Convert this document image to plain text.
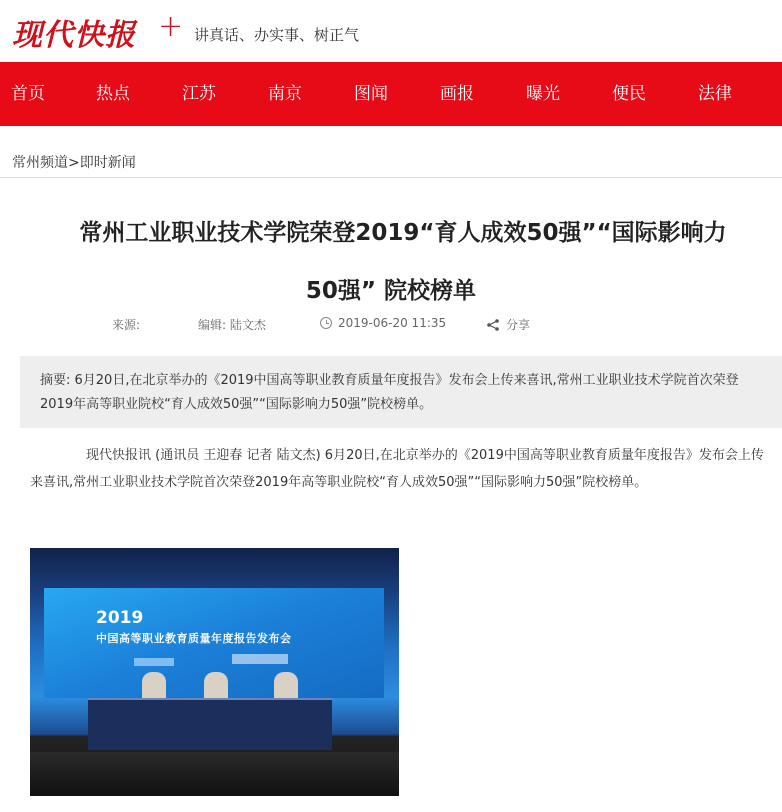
现代快报 + 讲真话、办实事、树正气
首页	热点	江苏	南京	图闻	画报	曝光	便民	法律
常州频道>即时新闻
常州工业职业技术学院荣登2019“育人成效50强”“国际影响力
50强” 院校榜单
来源:	编辑: 陆文杰	2019-06-20 11:35	分享
摘要: 6月20日,在北京举办的《2019中国高等职业教育质量年度报告》发布会上传来喜讯,常州工业职业技术学院首次荣登2019年高等职业院校“育人成效50强”“国际影响力50强”院校榜单。
现代快报讯 (通讯员 王迎春 记者 陆文杰) 6月20日,在北京举办的《2019中国高等职业教育质量年度报告》发布会上传来喜讯,常州工业职业技术学院首次荣登2019年高等职业院校“育人成效50强”“国际影响力50强”院校榜单。
2019
中国高等职业教育质量年度报告发布会
